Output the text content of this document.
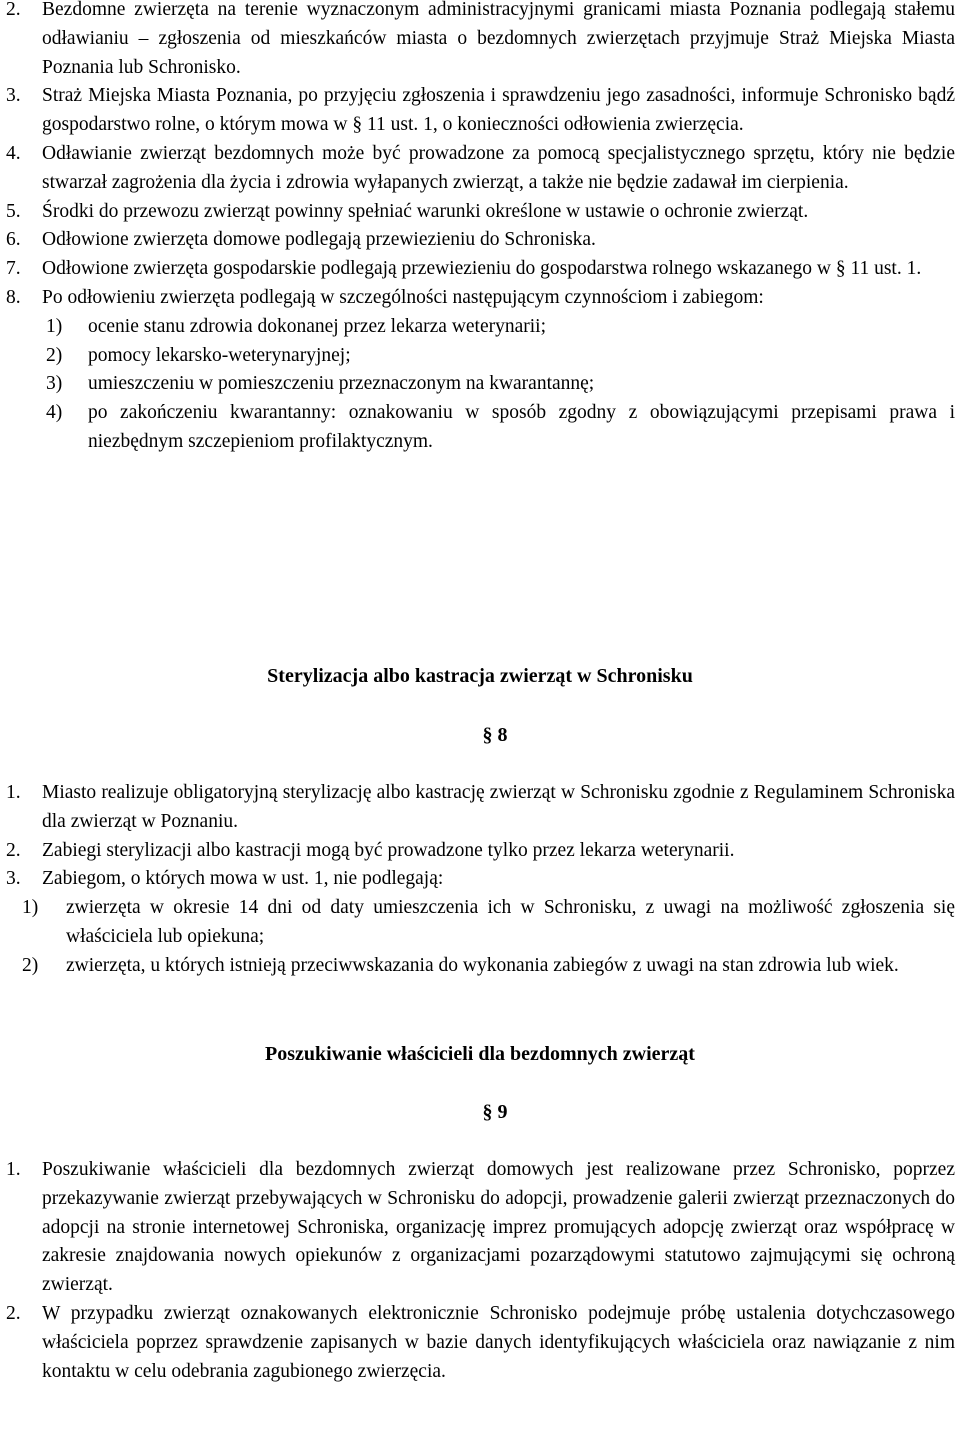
2. Bezdomne zwierzęta na terenie wyznaczonym administracyjnymi granicami miasta Poznania podlegają stałemu odławianiu – zgłoszenia od mieszkańców miasta o bezdomnych zwierzętach przyjmuje Straż Miejska Miasta Poznania lub Schronisko.
3. Straż Miejska Miasta Poznania, po przyjęciu zgłoszenia i sprawdzeniu jego zasadności, informuje Schronisko bądź gospodarstwo rolne, o którym mowa w § 11 ust. 1, o konieczności odłowienia zwierzęcia.
4. Odławianie zwierząt bezdomnych może być prowadzone za pomocą specjalistycznego sprzętu, który nie będzie stwarzał zagrożenia dla życia i zdrowia wyłapanych zwierząt, a także nie będzie zadawał im cierpienia.
5. Środki do przewozu zwierząt powinny spełniać warunki określone w ustawie o ochronie zwierząt.
6. Odłowione zwierzęta domowe podlegają przewiezieniu do Schroniska.
7. Odłowione zwierzęta gospodarskie podlegają przewiezieniu do gospodarstwa rolnego wskazanego w § 11 ust. 1.
8. Po odłowieniu zwierzęta podlegają w szczególności następującym czynnościom i zabiegom:
1) ocenie stanu zdrowia dokonanej przez lekarza weterynarii;
2) pomocy lekarsko-weterynaryjnej;
3) umieszczeniu w pomieszczeniu przeznaczonym na kwarantannę;
4) po zakończeniu kwarantanny: oznakowaniu w sposób zgodny z obowiązującymi przepisami prawa i niezbędnym szczepieniom profilaktycznym.
Sterylizacja albo kastracja zwierząt w Schronisku
§ 8
1. Miasto realizuje obligatoryjną sterylizację albo kastrację zwierząt w Schronisku zgodnie z Regulaminem Schroniska dla zwierząt w Poznaniu.
2. Zabiegi sterylizacji albo kastracji mogą być prowadzone tylko przez lekarza weterynarii.
3. Zabiegom, o których mowa w ust. 1, nie podlegają:
1) zwierzęta w okresie 14 dni od daty umieszczenia ich w Schronisku, z uwagi na możliwość zgłoszenia się właściciela lub opiekuna;
2) zwierzęta, u których istnieją przeciwwskazania do wykonania zabiegów z uwagi na stan zdrowia lub wiek.
Poszukiwanie właścicieli dla bezdomnych zwierząt
§ 9
1. Poszukiwanie właścicieli dla bezdomnych zwierząt domowych jest realizowane przez Schronisko, poprzez przekazywanie zwierząt przebywających w Schronisku do adopcji, prowadzenie galerii zwierząt przeznaczonych do adopcji na stronie internetowej Schroniska, organizację imprez promujących adopcję zwierząt oraz współpracę w zakresie znajdowania nowych opiekunów z organizacjami pozarządowymi statutowo zajmującymi się ochroną zwierząt.
2. W przypadku zwierząt oznakowanych elektronicznie Schronisko podejmuje próbę ustalenia dotychczasowego właściciela poprzez sprawdzenie zapisanych w bazie danych identyfikujących właściciela oraz nawiązanie z nim kontaktu w celu odebrania zagubionego zwierzęcia.
